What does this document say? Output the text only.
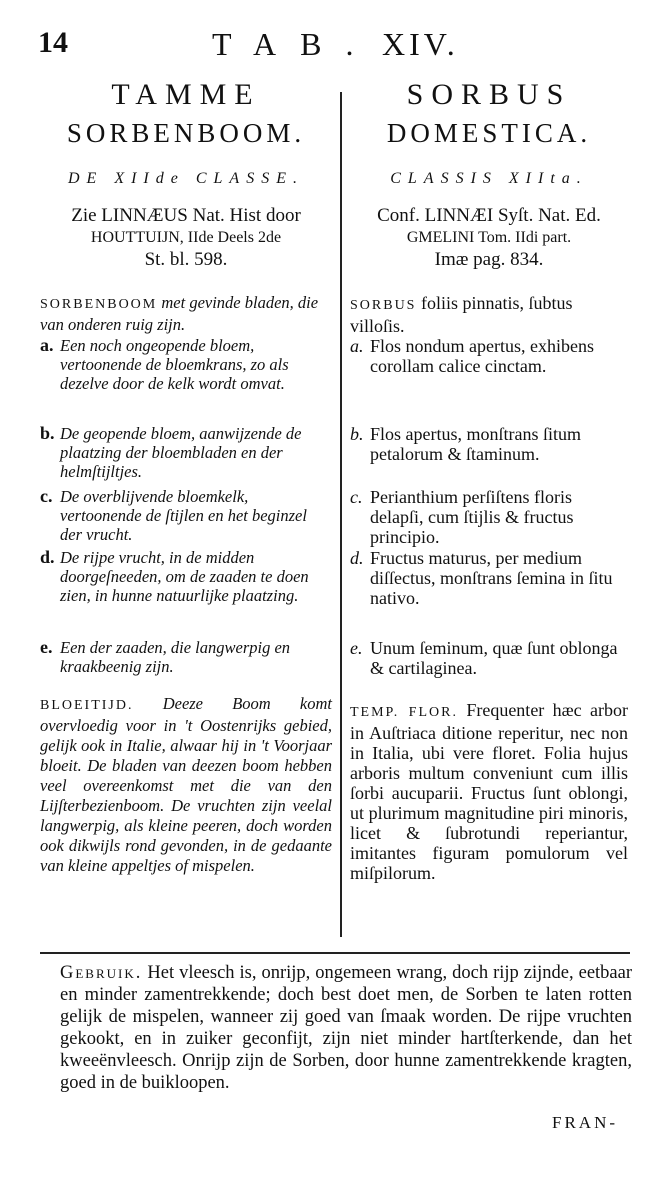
14	TAB. XIV.
TAMME
SORBENBOOM.
DE XIIde CLASSE.
Zie LINNÆUS Nat. Hist door
HOUTTUIJN, IIde Deels 2de
St. bl. 598.
SORBENBOOM met gevinde bladen, die van onderen ruig zijn.
a. Een noch ongeopende bloem, vertoonende de bloemkrans, zo als dezelve door de kelk wordt omvat.
b. De geopende bloem, aanwijzende de plaatzing der bloembladen en der helmſtijltjes.
c. De overblijvende bloemkelk, vertoonende de ſtijlen en het beginzel der vrucht.
d. De rijpe vrucht, in de midden doorgeſneeden, om de zaaden te doen zien, in hunne natuurlijke plaatzing.
e. Een der zaaden, die langwerpig en kraakbeenig zijn.
BLOEITIJD. Deeze Boom komt overvloedig voor in 't Oostenrijks gebied, gelijk ook in Italie, alwaar hij in 't Voorjaar bloeit. De bladen van deezen boom hebben veel overeenkomst met die van den Lijſterbezienboom. De vruchten zijn veelal langwerpig, als kleine peeren, doch worden ook dikwijls rond gevonden, in de gedaante van kleine appeltjes of mispelen.
SORBUS
DOMESTICA.
CLASSIS XIIta.
Conf. LINNÆI Syſt. Nat. Ed.
GMELINI Tom. IIdi part.
Imæ pag. 834.
SORBUS foliis pinnatis, ſubtus villoſis.
a. Flos nondum apertus, exhibens corollam calice cinctam.
b. Flos apertus, monſtrans ſitum petalorum & ſtaminum.
c. Perianthium perſiſtens floris delapſi, cum ſtijlis & fructus principio.
d. Fructus maturus, per medium diſſectus, monſtrans ſemina in ſitu nativo.
e. Unum ſeminum, quæ ſunt oblonga & cartilaginea.
TEMP. FLOR. Frequenter hæc arbor in Auſtriaca ditione reperitur, nec non in Italia, ubi vere floret. Folia hujus arboris multum conveniunt cum illis ſorbi aucuparii. Fructus ſunt oblongi, ut plurimum magnitudine piri minoris, licet & ſubrotundi reperiantur, imitantes figuram pomulorum vel miſpilorum.
Gebruik. Het vleesch is, onrijp, ongemeen wrang, doch rijp zijnde, eetbaar en minder zamentrekkende; doch best doet men, de Sorben te laten rotten gelijk de mispelen, wanneer zij goed van ſmaak worden. De rijpe vruchten gekookt, en in zuiker geconfijt, zijn niet minder hartſterkende, dan het kweeënvleesch. Onrijp zijn de Sorben, door hunne zamentrekkende kragten, goed in de buikloopen.
FRAN-
